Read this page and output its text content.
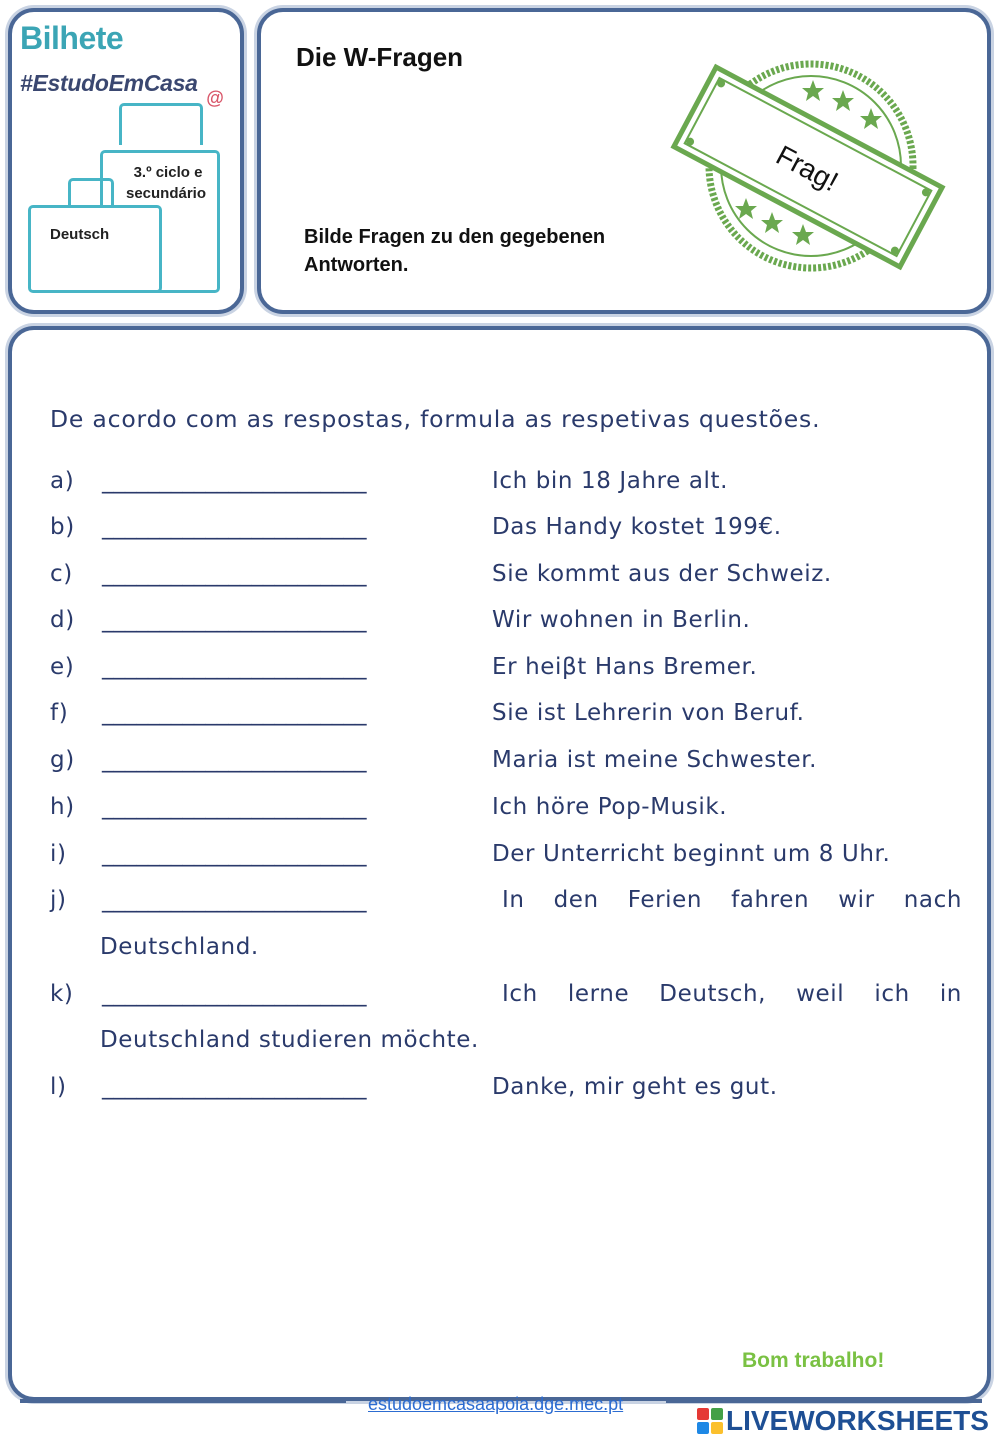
Bilhete
#EstudoEmCasa
@
3.º ciclo e
secundário
Deutsch
Die W-Fragen
Bilde Fragen zu den gegebenen Antworten.
Frag!
De acordo com as respostas, formula as respetivas questões.
a) _______________________	Ich bin 18 Jahre alt.
b) _______________________	Das Handy kostet 199€.
c) _______________________	Sie kommt aus der Schweiz.
d) _______________________	Wir wohnen in Berlin.
e) _______________________	Er heiβt Hans Bremer.
f) _______________________	Sie ist Lehrerin von Beruf.
g) _______________________	Maria ist meine Schwester.
h) _______________________	Ich höre Pop-Musik.
i) _______________________	Der Unterricht beginnt um 8 Uhr.
j) _______________________	In den Ferien fahren wir nach
Deutschland.
k) _______________________	Ich lerne Deutsch, weil ich in
Deutschland studieren möchte.
l) _______________________	Danke, mir geht es gut.
Bom trabalho!
estudoemcasaapoia.dge.mec.pt
LIVEWORKSHEETS
